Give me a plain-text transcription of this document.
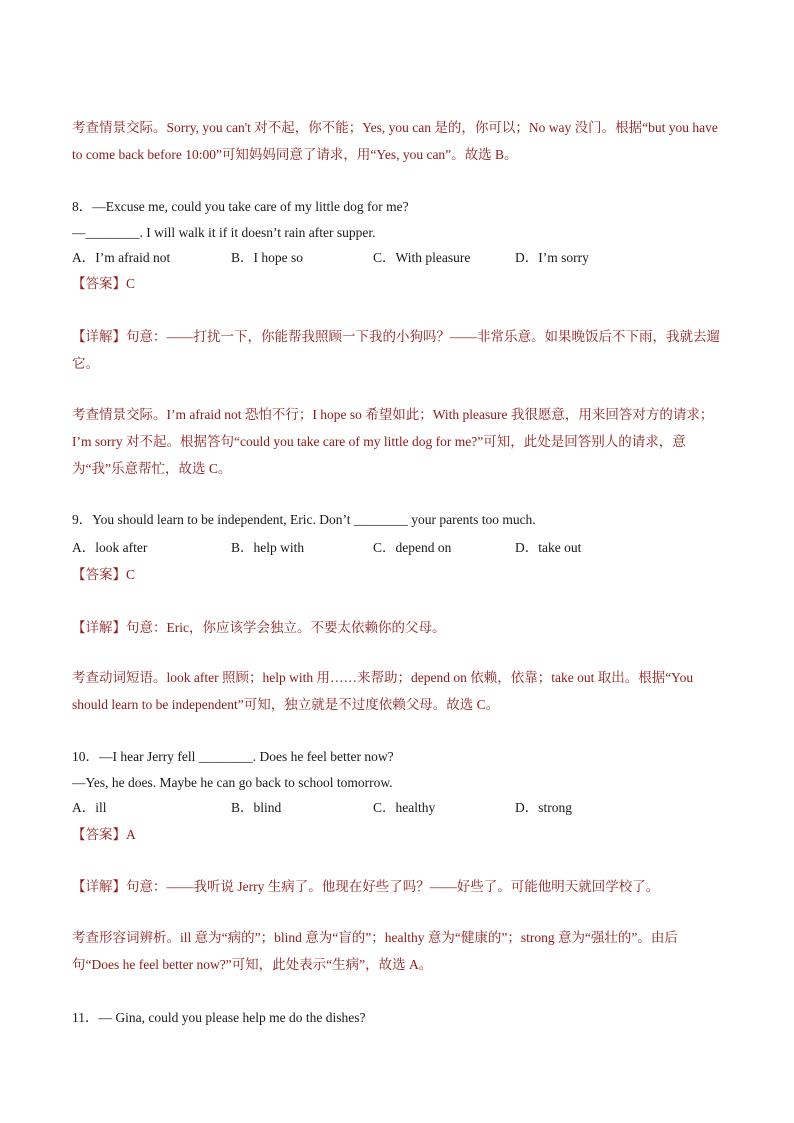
考查情景交际。Sorry, you can't 对不起，你不能；Yes, you can 是的，你可以；No way 没门。根据“but you have to come back before 10:00”可知妈妈同意了请求，用“Yes, you can”。故选 B。

8．—Excuse me, could you take care of my little dog for me?
—________. I will walk it if it doesn’t rain after supper.
A．I’m afraid not	B．I hope so	C．With pleasure	D．I’m sorry
【答案】C

【详解】句意：——打扰一下，你能帮我照顾一下我的小狗吗？——非常乐意。如果晚饭后不下雨，我就去遛它。

考查情景交际。I’m afraid not 恐怕不行；I hope so 希望如此；With pleasure 我很愿意，用来回答对方的请求；I’m sorry 对不起。根据答句“could you take care of my little dog for me?”可知，此处是回答别人的请求，意为“我”乐意帮忙，故选 C。

9．You should learn to be independent, Eric. Don’t ________ your parents too much.
A．look after	B．help with	C．depend on	D．take out
【答案】C

【详解】句意：Eric，你应该学会独立。不要太依赖你的父母。

考查动词短语。look after 照顾；help with 用……来帮助；depend on 依赖，依靠；take out 取出。根据“You should learn to be independent”可知，独立就是不过度依赖父母。故选 C。

10．—I hear Jerry fell ________. Does he feel better now?
—Yes, he does. Maybe he can go back to school tomorrow.
A．ill	B．blind	C．healthy	D．strong
【答案】A

【详解】句意：——我听说 Jerry 生病了。他现在好些了吗？——好些了。可能他明天就回学校了。

考查形容词辨析。ill 意为“病的”；blind 意为“盲的”；healthy 意为“健康的”；strong 意为“强壮的”。由后句“Does he feel better now?”可知，此处表示“生病”，故选 A。

11．— Gina, could you please help me do the dishes?
